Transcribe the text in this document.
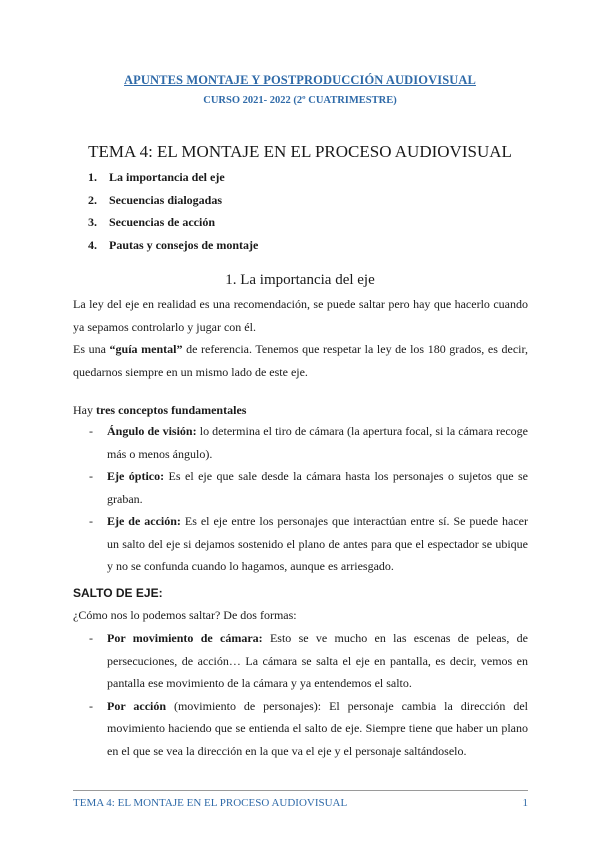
APUNTES MONTAJE Y POSTPRODUCCIÓN AUDIOVISUAL
CURSO 2021- 2022 (2º CUATRIMESTRE)
TEMA 4: EL MONTAJE EN EL PROCESO AUDIOVISUAL
1. La importancia del eje
2. Secuencias dialogadas
3. Secuencias de acción
4. Pautas y consejos de montaje
1. La importancia del eje

La ley del eje en realidad es una recomendación, se puede saltar pero hay que hacerlo cuando ya sepamos controlarlo y jugar con él.

Es una “guía mental” de referencia. Tenemos que respetar la ley de los 180 grados, es decir, quedarnos siempre en un mismo lado de este eje.

Hay tres conceptos fundamentales
- Ángulo de visión: lo determina el tiro de cámara (la apertura focal, si la cámara recoge más o menos ángulo).
- Eje óptico: Es el eje que sale desde la cámara hasta los personajes o sujetos que se graban.
- Eje de acción: Es el eje entre los personajes que interactúan entre sí. Se puede hacer un salto del eje si dejamos sostenido el plano de antes para que el espectador se ubique y no se confunda cuando lo hagamos, aunque es arriesgado.
SALTO DE EJE:
¿Cómo nos lo podemos saltar? De dos formas:
- Por movimiento de cámara: Esto se ve mucho en las escenas de peleas, de persecuciones, de acción… La cámara se salta el eje en pantalla, es decir, vemos en pantalla ese movimiento de la cámara y ya entendemos el salto.
- Por acción (movimiento de personajes): El personaje cambia la dirección del movimiento haciendo que se entienda el salto de eje. Siempre tiene que haber un plano en el que se vea la dirección en la que va el eje y el personaje saltándoselo.
TEMA 4: EL MONTAJE EN EL PROCESO AUDIOVISUAL	1
